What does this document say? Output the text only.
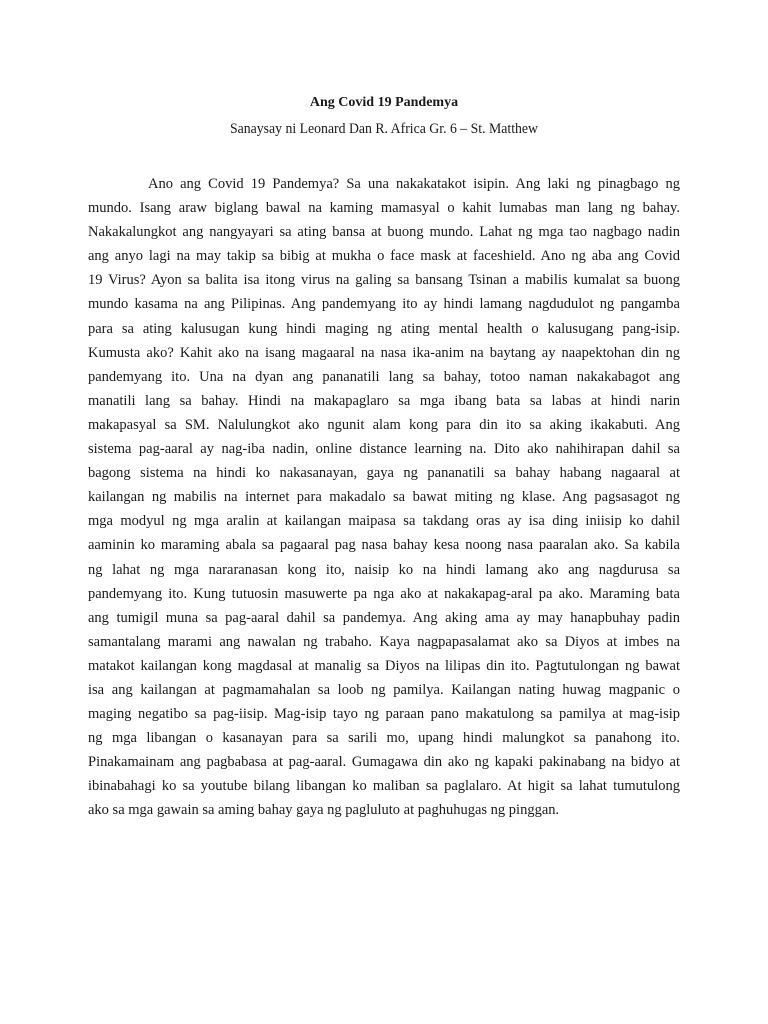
Ang Covid 19 Pandemya

Sanaysay ni Leonard Dan R. Africa Gr. 6 – St. Matthew

Ano ang Covid 19 Pandemya? Sa una nakakatakot isipin. Ang laki ng pinagbago ng
mundo. Isang araw biglang bawal na kaming mamasyal o kahit lumabas man lang ng bahay.
Nakakalungkot ang nangyayari sa ating bansa at buong mundo. Lahat ng mga tao nagbago nadin
ang anyo lagi na may takip sa bibig at mukha o face mask at faceshield. Ano ng aba ang Covid
19 Virus? Ayon sa balita isa itong virus na galing sa bansang Tsinan a mabilis kumalat sa buong
mundo kasama na ang Pilipinas. Ang pandemyang ito ay hindi lamang nagdudulot ng pangamba
para sa ating kalusugan kung hindi maging ng ating mental health o kalusugang pang-isip.
Kumusta ako? Kahit ako na isang magaaral na nasa ika-anim na baytang ay naapektohan din ng
pandemyang ito. Una na dyan ang pananatili lang sa bahay, totoo naman nakakabagot ang
manatili lang sa bahay. Hindi na makapaglaro sa mga ibang bata sa labas at hindi narin
makapasyal sa SM. Nalulungkot ako ngunit alam kong para din ito sa aking ikakabuti. Ang
sistema pag-aaral ay nag-iba nadin, online distance learning na. Dito ako nahihirapan dahil sa
bagong sistema na hindi ko nakasanayan, gaya ng pananatili sa bahay habang nagaaral at
kailangan ng mabilis na internet para makadalo sa bawat miting ng klase. Ang pagsasagot ng
mga modyul ng mga aralin at kailangan maipasa sa takdang oras ay isa ding iniisip ko dahil
aaminin ko maraming abala sa pagaaral pag nasa bahay kesa noong nasa paaralan ako. Sa kabila
ng lahat ng mga nararanasan kong ito, naisip ko na hindi lamang ako ang nagdurusa sa
pandemyang ito. Kung tutuosin masuwerte pa nga ako at nakakapag-aral pa ako. Maraming bata
ang tumigil muna sa pag-aaral dahil sa pandemya. Ang aking ama ay may hanapbuhay padin
samantalang marami ang nawalan ng trabaho. Kaya nagpapasalamat ako sa Diyos at imbes na
matakot kailangan kong magdasal at manalig sa Diyos na lilipas din ito. Pagtutulongan ng bawat
isa ang kailangan at pagmamahalan sa loob ng pamilya. Kailangan nating huwag magpanic o
maging negatibo sa pag-iisip. Mag-isip tayo ng paraan pano makatulong sa pamilya at mag-isip
ng mga libangan o kasanayan para sa sarili mo, upang hindi malungkot sa panahong ito.
Pinakamainam ang pagbabasa at pag-aaral. Gumagawa din ako ng kapaki pakinabang na bidyo at
ibinabahagi ko sa youtube bilang libangan ko maliban sa paglalaro. At higit sa lahat tumutulong
ako sa mga gawain sa aming bahay gaya ng pagluluto at paghuhugas ng pinggan.
